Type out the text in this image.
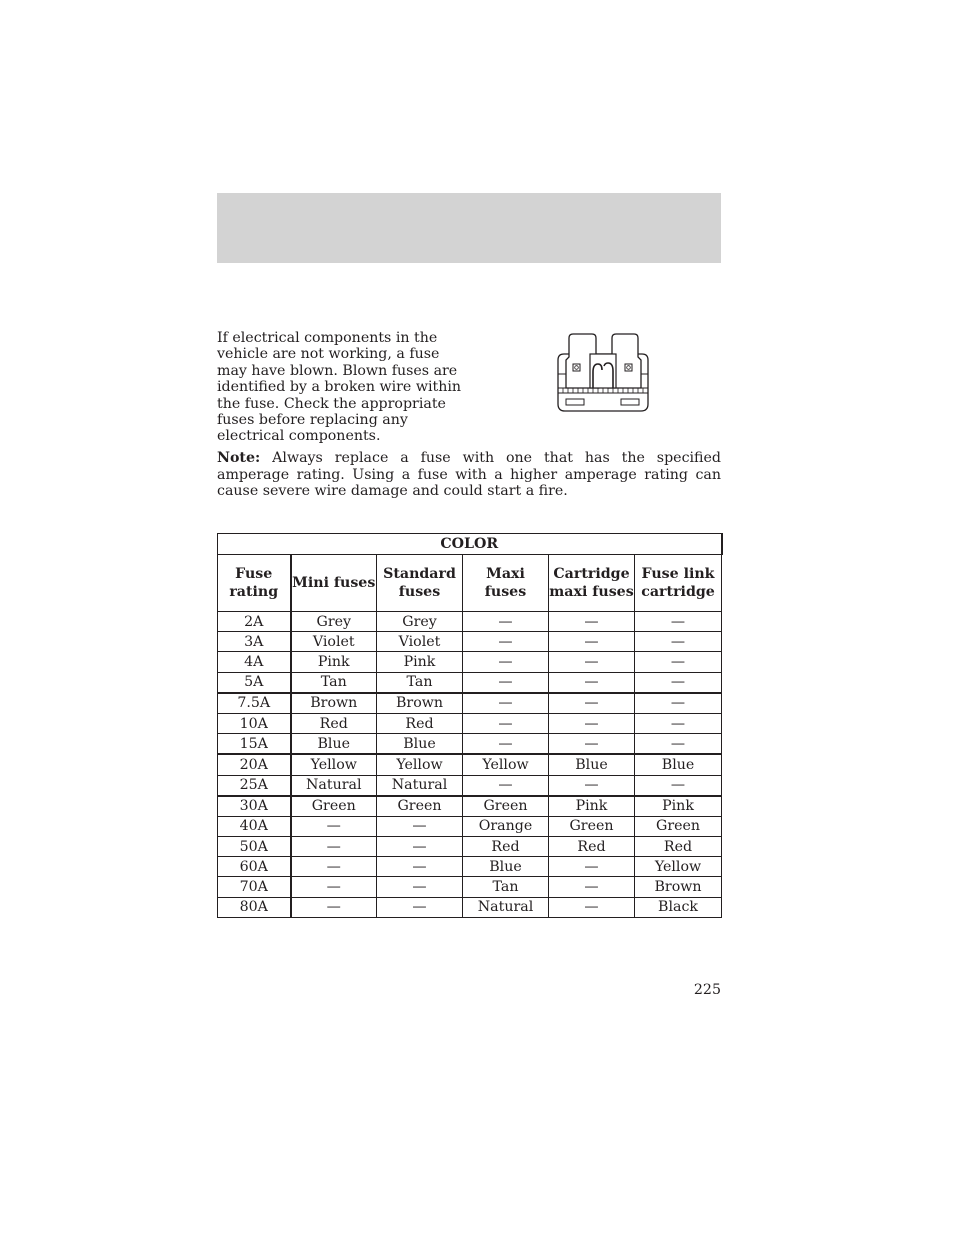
If electrical components in the vehicle are not working, a fuse may have blown. Blown fuses are identified by a broken wire within the fuse. Check the appropriate fuses before replacing any electrical components.

Note: Always replace a fuse with one that has the specified amperage rating. Using a fuse with a higher amperage rating can cause severe wire damage and could start a fire.

COLOR					
Fuse rating	Mini fuses	Standard fuses	Maxi fuses	Cartridge maxi fuses	Fuse link cartridge
2A	Grey	Grey	—	—	—
3A	Violet	Violet	—	—	—
4A	Pink	Pink	—	—	—
5A	Tan	Tan	—	—	—
7.5A	Brown	Brown	—	—	—
10A	Red	Red	—	—	—
15A	Blue	Blue	—	—	—
20A	Yellow	Yellow	Yellow	Blue	Blue
25A	Natural	Natural	—	—	—
30A	Green	Green	Green	Pink	Pink
40A	—	—	Orange	Green	Green
50A	—	—	Red	Red	Red
60A	—	—	Blue	—	Yellow
70A	—	—	Tan	—	Brown
80A	—	—	Natural	—	Black

225
